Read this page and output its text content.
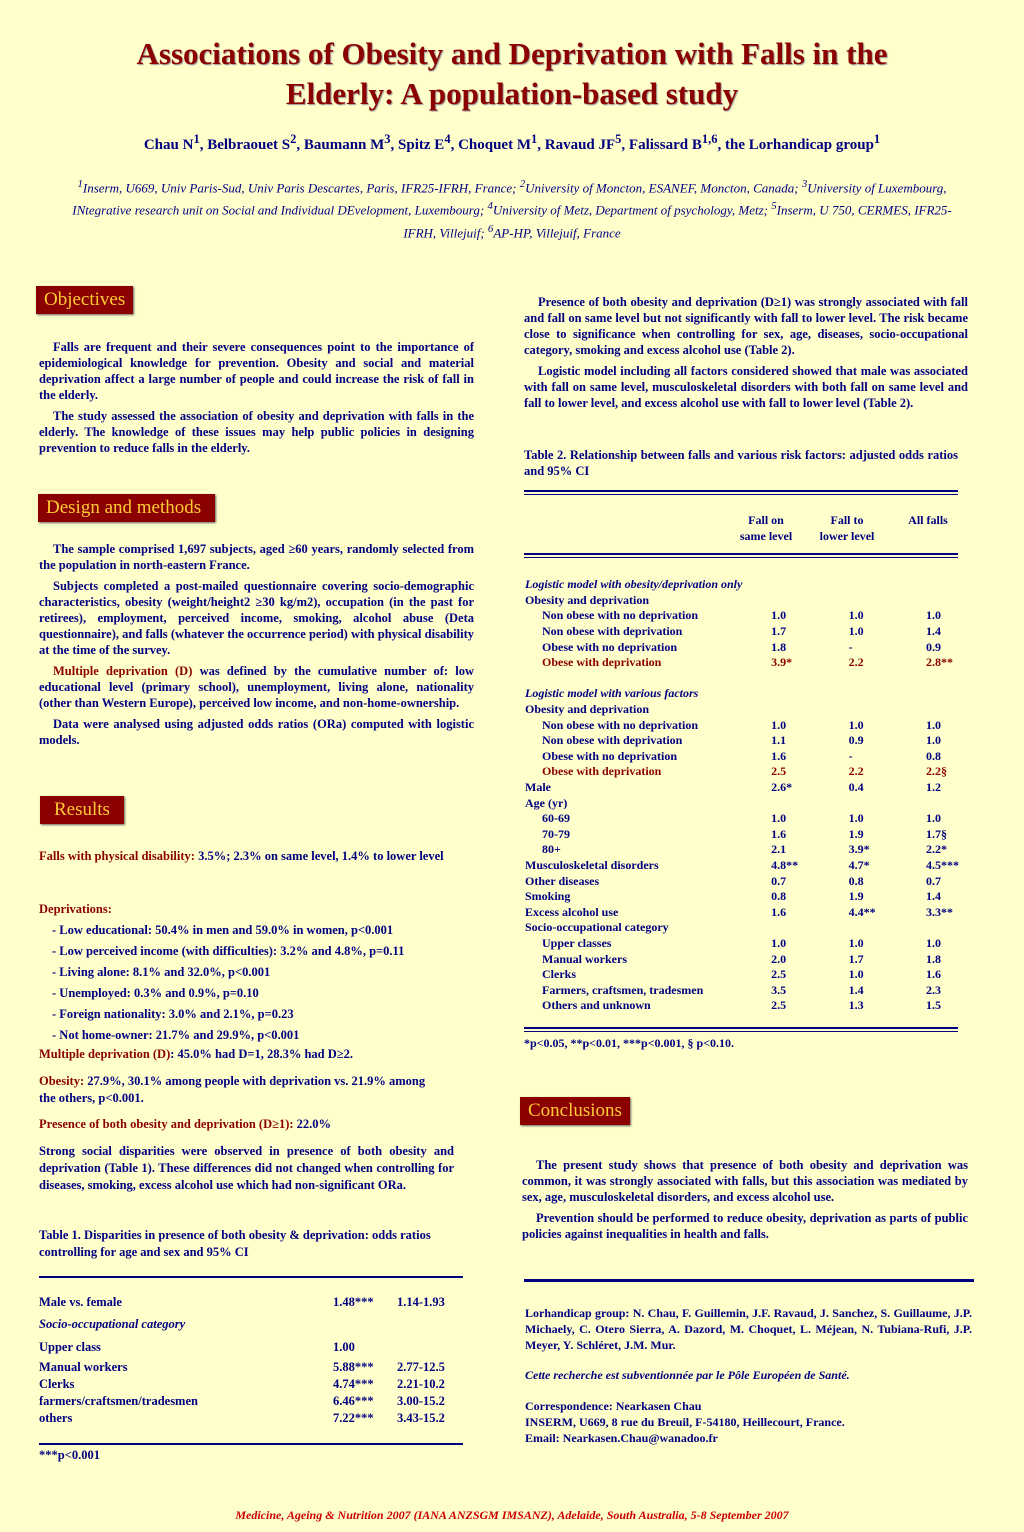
Associations of Obesity and Deprivation with Falls in the
Elderly: A population-based study
Chau $N^1$, Belbraouet $S^2$, Baumann $M^3$, Spitz $E^4$, Choquet $M^1$, Ravaud $JF^5$, Falissard B$^{1,6}$, the Lorhandicap group$^1$
$^1$Inserm, U669, Univ Paris-Sud, Univ Paris Descartes, Paris, IFR25-IFRH, France; $^2$University of Moncton, ESANEF, Moncton, Canada; $^3$University of Luxembourg, INtegrative research unit on Social and Individual DEvelopment, Luxembourg; $^4$University of Metz, Department of psychology, Metz; $^5$Inserm, U 750, CERMES, IFR25-IFRH, Villejuif; $^6$AP-HP, Villejuif, France
Objectives

Falls are frequent and their severe consequences point to the importance of epidemiological knowledge for prevention. Obesity and social and material deprivation affect a large number of people and could increase the risk of fall in the elderly.

The study assessed the association of obesity and deprivation with falls in the elderly. The knowledge of these issues may help public policies in designing prevention to reduce falls in the elderly.

Design and methods

The sample comprised 1,697 subjects, aged ≥60 years, randomly selected from the population in north-eastern France.

Subjects completed a post-mailed questionnaire covering socio-demographic characteristics, obesity (weight/height2 ≥30 kg/m2), occupation (in the past for retirees), employment, perceived income, smoking, alcohol abuse (Deta questionnaire), and falls (whatever the occurrence period) with physical disability at the time of the survey.

Multiple deprivation (D) was defined by the cumulative number of: low educational level (primary school), unemployment, living alone, nationality (other than Western Europe), perceived low income, and non-home-ownership.

Data were analysed using adjusted odds ratios (ORa) computed with logistic models.

Results
Falls with physical disability: 3.5%; 2.3% on same level, 1.4% to lower level
Deprivations:
- Low educational: 50.4% in men and 59.0% in women, p<0.001
- Low perceived income (with difficulties): 3.2% and 4.8%, p=0.11
- Living alone: 8.1% and 32.0%, p<0.001
- Unemployed: 0.3% and 0.9%, p=0.10
- Foreign nationality: 3.0% and 2.1%, p=0.23
- Not home-owner: 21.7% and 29.9%, p<0.001
Multiple deprivation (D): 45.0% had D=1, 28.3% had D≥2.
Obesity: 27.9%, 30.1% among people with deprivation vs. 21.9% among the others, p<0.001.
Presence of both obesity and deprivation (D≥1): 22.0%
Strong social disparities were observed in presence of both obesity and deprivation (Table 1). These differences did not changed when controlling for diseases, smoking, excess alcohol use which had non-significant ORa.
Table 1. Disparities in presence of both obesity & deprivation: odds ratios controlling for age and sex and 95% CI
Male vs. female	1.48***	1.14-1.93
Socio-occupational category		
Upper class	1.00	
Manual workers	5.88***	2.77-12.5
Clerks	4.74***	2.21-10.2
farmers/craftsmen/tradesmen	6.46***	3.00-15.2
others	7.22***	3.43-15.2
***p<0.001

Presence of both obesity and deprivation (D≥1) was strongly associated with fall and fall on same level but not significantly with fall to lower level. The risk became close to significance when controlling for sex, age, diseases, socio-occupational category, smoking and excess alcohol use (Table 2).

Logistic model including all factors considered showed that male was associated with fall on same level, musculoskeletal disorders with both fall on same level and fall to lower level, and excess alcohol use with fall to lower level (Table 2).

Table 2. Relationship between falls and various risk factors: adjusted odds ratios and 95% CI
Fall on
same level
Fall to
lower level
All falls
Logistic model with obesity/deprivation only			
Obesity and deprivation			
Non obese with no deprivation	1.0	1.0	1.0
Non obese with deprivation	1.7	1.0	1.4
Obese with no deprivation	1.8	-	0.9
Obese with deprivation	3.9*	2.2	2.8**

Logistic model with various factors			
Obesity and deprivation			
Non obese with no deprivation	1.0	1.0	1.0
Non obese with deprivation	1.1	0.9	1.0
Obese with no deprivation	1.6	-	0.8
Obese with deprivation	2.5	2.2	2.2§
Male	2.6*	0.4	1.2
Age (yr)			
60-69	1.0	1.0	1.0
70-79	1.6	1.9	1.7§
80+	2.1	3.9*	2.2*
Musculoskeletal disorders	4.8**	4.7*	4.5***
Other diseases	0.7	0.8	0.7
Smoking	0.8	1.9	1.4
Excess alcohol use	1.6	4.4**	3.3**
Socio-occupational category			
Upper classes	1.0	1.0	1.0
Manual workers	2.0	1.7	1.8
Clerks	2.5	1.0	1.6
Farmers, craftsmen, tradesmen	3.5	1.4	2.3
Others and unknown	2.5	1.3	1.5
*p<0.05, **p<0.01, ***p<0.001, § p<0.10.
Conclusions

The present study shows that presence of both obesity and deprivation was common, it was strongly associated with falls, but this association was mediated by sex, age, musculoskeletal disorders, and excess alcohol use.

Prevention should be performed to reduce obesity, deprivation as parts of public policies against inequalities in health and falls.

Lorhandicap group: N. Chau, F. Guillemin, J.F. Ravaud, J. Sanchez, S. Guillaume, J.P. Michaely, C. Otero Sierra, A. Dazord, M. Choquet, L. Méjean, N. Tubiana-Rufi, J.P. Meyer, Y. Schléret, J.M. Mur.
Cette recherche est subventionnée par le Pôle Européen de Santé.
Correspondence: Nearkasen Chau
INSERM, U669, 8 rue du Breuil, F-54180, Heillecourt, France.
Email: Nearkasen.Chau@wanadoo.fr
Medicine, Ageing & Nutrition 2007 (IANA ANZSGM IMSANZ), Adelaide, South Australia, 5-8 September 2007
